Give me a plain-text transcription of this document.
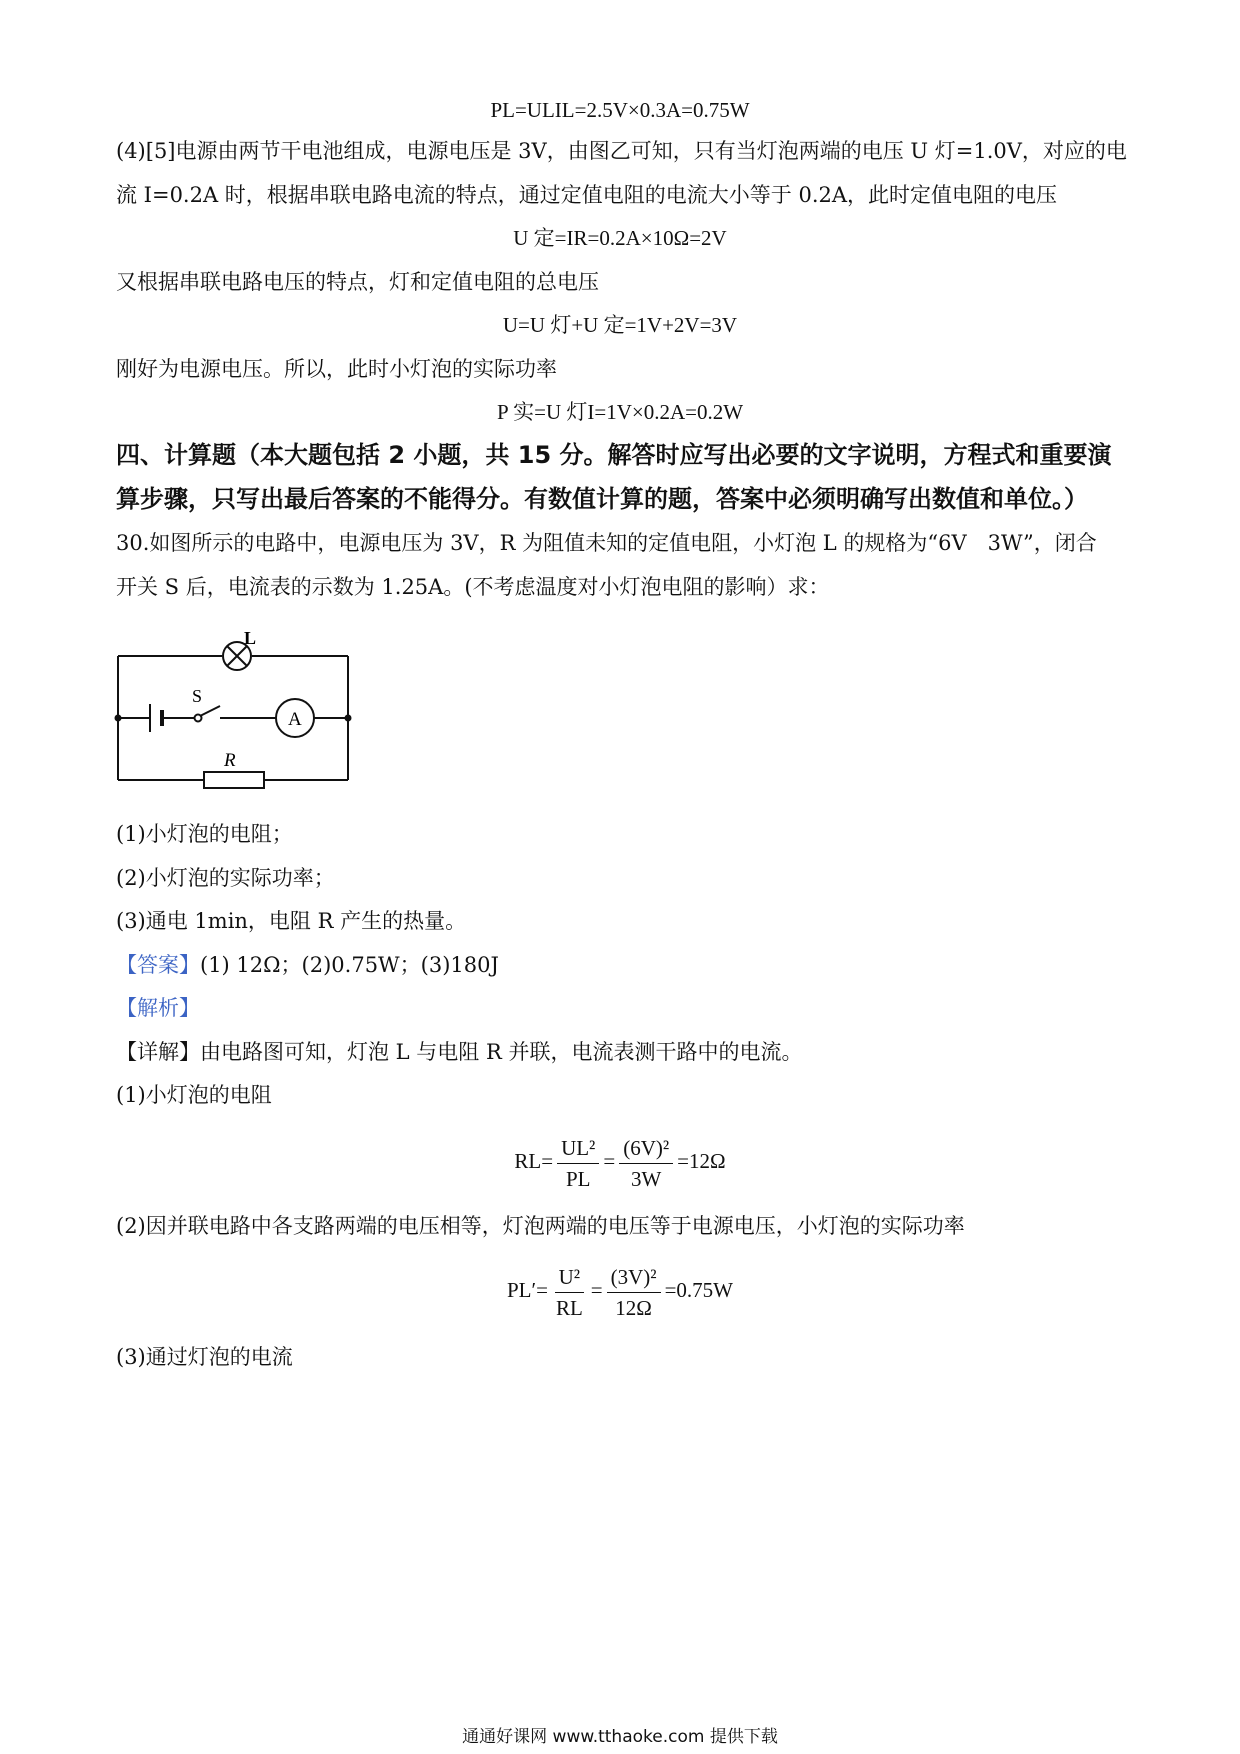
PL=ULIL=2.5V×0.3A=0.75W
(4)[5]电源由两节干电池组成，电源电压是 3V，由图乙可知，只有当灯泡两端的电压 U 灯=1.0V，对应的电
流 I=0.2A 时，根据串联电路电流的特点，通过定值电阻的电流大小等于 0.2A，此时定值电阻的电压
U 定=IR=0.2A×10Ω=2V
又根据串联电路电压的特点，灯和定值电阻的总电压
U=U 灯+U 定=1V+2V=3V
刚好为电源电压。所以，此时小灯泡的实际功率
P 实=U 灯I=1V×0.2A=0.2W
四、计算题（本大题包括 2 小题，共 15 分。解答时应写出必要的文字说明，方程式和重要演
算步骤，只写出最后答案的不能得分。有数值计算的题，答案中必须明确写出数值和单位。）
30.如图所示的电路中，电源电压为 3V，R 为阻值未知的定值电阻，小灯泡 L 的规格为“6V　3W”，闭合
开关 S 后，电流表的示数为 1.25A。(不考虑温度对小灯泡电阻的影响）求：
L
S
A
R
(1)小灯泡的电阻；
(2)小灯泡的实际功率；
(3)通电 1min，电阻 R 产生的热量。
【答案】(1) 12Ω；(2)0.75W；(3)180J
【解析】
【详解】由电路图可知，灯泡 L 与电阻 R 并联，电流表测干路中的电流。
(1)小灯泡的电阻
$RL= \frac{\text{UL²}}{PL} = \frac{\text{(6V)²}}{3W} =12\Omega$
(2)因并联电路中各支路两端的电压相等，灯泡两端的电压等于电源电压，小灯泡的实际功率
$PL'= \frac{\text{U²}}{RL} = \frac{\text{(3V)²}}{12\Omega} =0.75W$
(3)通过灯泡的电流
通通好课网 www.tthaoke.com 提供下载
